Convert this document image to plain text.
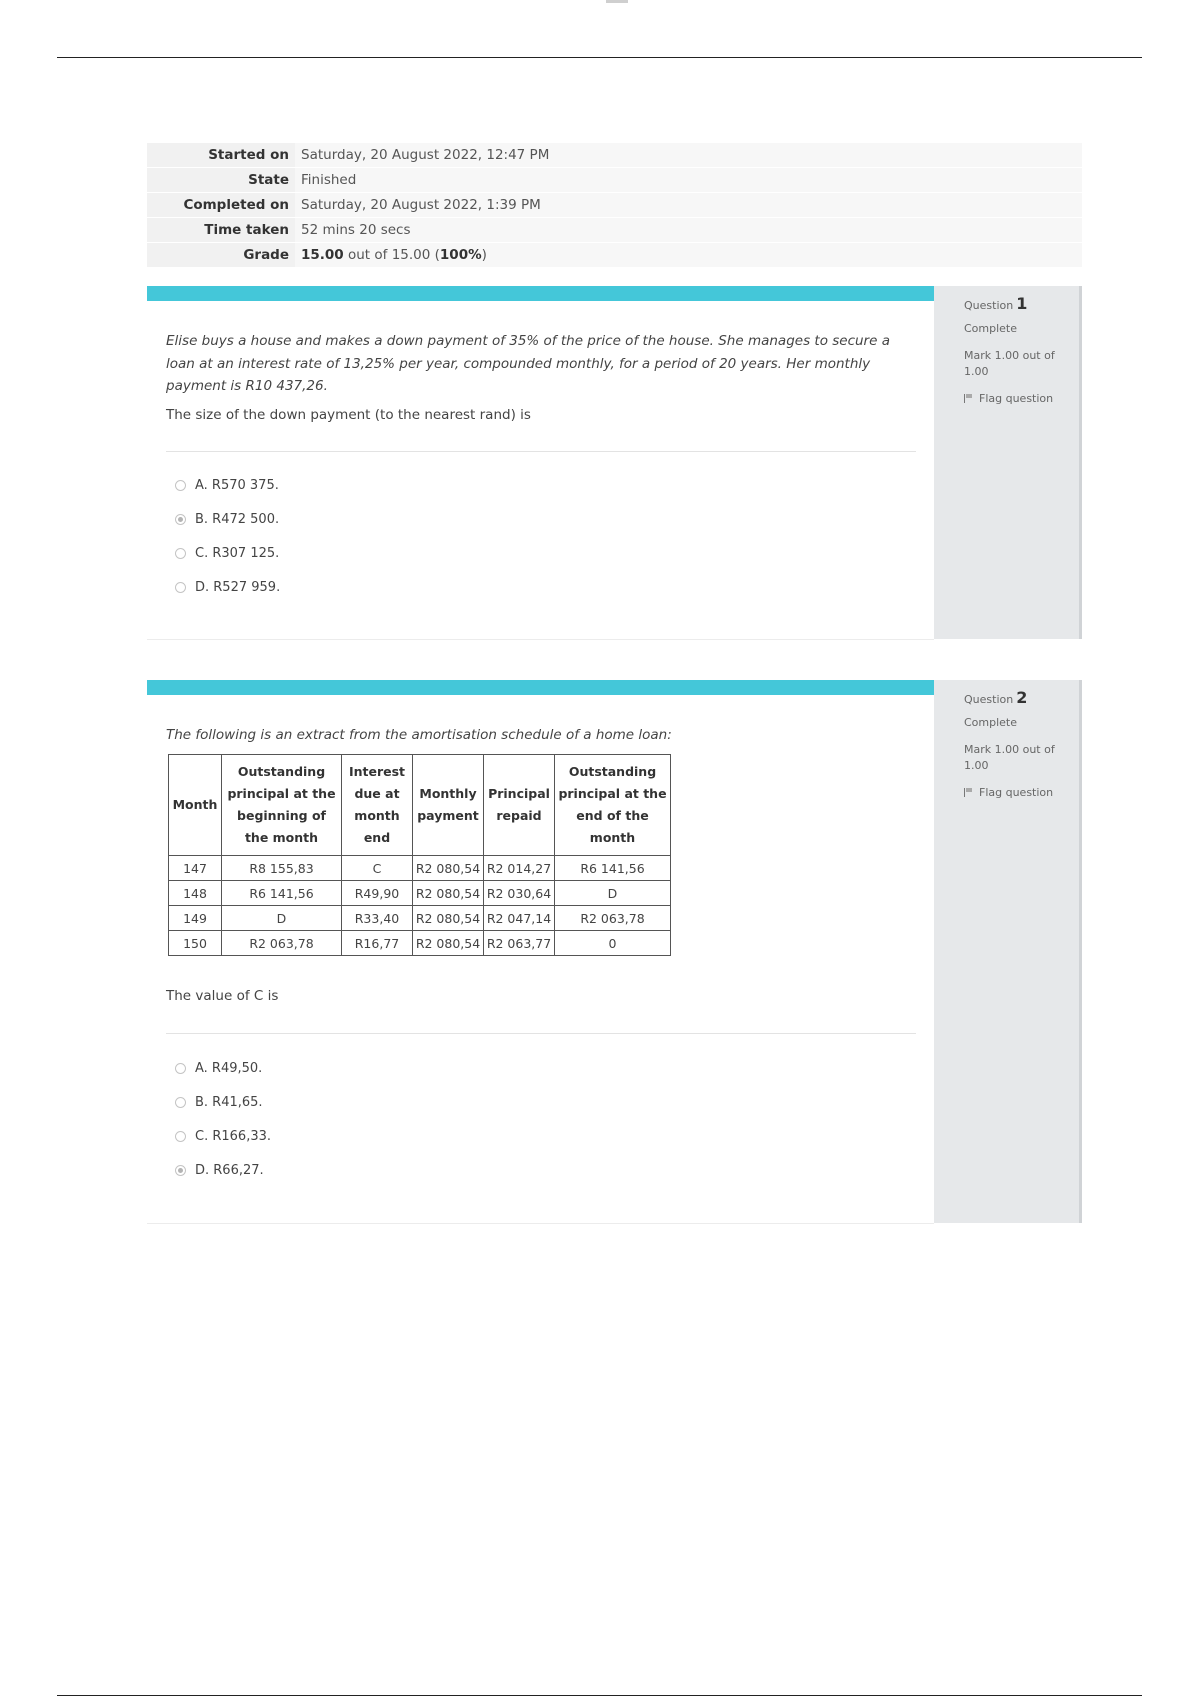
Started on	Saturday, 20 August 2022, 12:47 PM
State	Finished
Completed on	Saturday, 20 August 2022, 1:39 PM
Time taken	52 mins 20 secs
Grade	15.00 out of 15.00 (100%)
Elise buys a house and makes a down payment of 35% of the price of the house. She manages to secure a loan at an interest rate of 13,25% per year, compounded monthly, for a period of 20 years. Her monthly payment is R10 437,26.
The size of the down payment (to the nearest rand) is
A. R570 375.
B. R472 500.
C. R307 125.
D. R527 959.
Question 1
Complete
Mark 1.00 out of 1.00
Flag question
The following is an extract from the amortisation schedule of a home loan:
Month	Outstanding principal at the beginning of the month	Interest due at month end	Monthly payment	Principal repaid	Outstanding principal at the end of the month
147	R8 155,83	C	R2 080,54	R2 014,27	R6 141,56
148	R6 141,56	R49,90	R2 080,54	R2 030,64	D
149	D	R33,40	R2 080,54	R2 047,14	R2 063,78
150	R2 063,78	R16,77	R2 080,54	R2 063,77	0
The value of C is
A. R49,50.
B. R41,65.
C. R166,33.
D. R66,27.
Question 2
Complete
Mark 1.00 out of 1.00
Flag question
